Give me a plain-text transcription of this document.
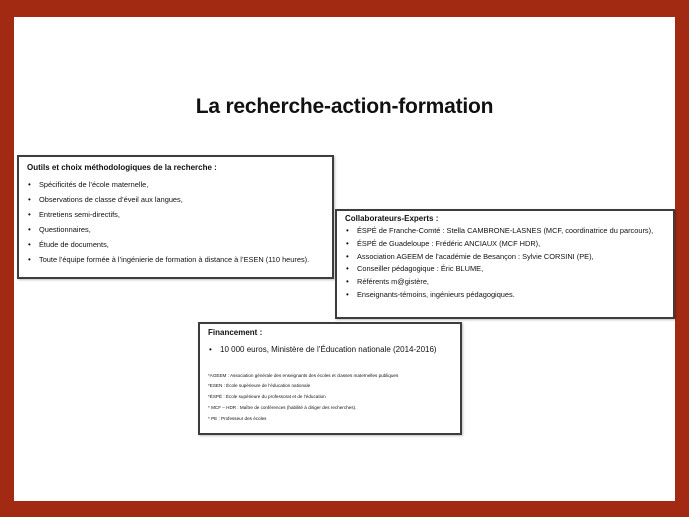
La recherche-action-formation
Outils et choix méthodologiques de la recherche :
• Spécificités de l’école maternelle,
• Observations de classe d’éveil aux langues,
• Entretiens semi-directifs,
• Questionnaires,
• Étude de documents,
• Toute l’équipe formée à l’ingénierie de formation à distance à l’ESEN (110 heures).
Collaborateurs-Experts :
• ÉSPÉ de Franche-Comté : Stella CAMBRONE-LASNES (MCF, coordinatrice du parcours),
• ÉSPÉ de Guadeloupe : Frédéric ANCIAUX (MCF HDR),
• Association AGEEM de l’académie de Besançon : Sylvie CORSINI (PE),
• Conseiller pédagogique : Éric BLUME,
• Référents m@gistère,
• Enseignants-témoins, ingénieurs pédagogiques.
Financement :
• 10 000 euros, Ministère de l’Éducation nationale (2014-2016)
*AGEEM : Association générale des enseignants des écoles et classes maternelles publiques
*ESEN : École supérieure de l’éducation nationale
*ÉSPÉ : École supérieure du professorat et de l’éducation
* MCF – HDR : Maître de conférences (habilité à diriger des recherches).
* PE : Professeur des écoles
